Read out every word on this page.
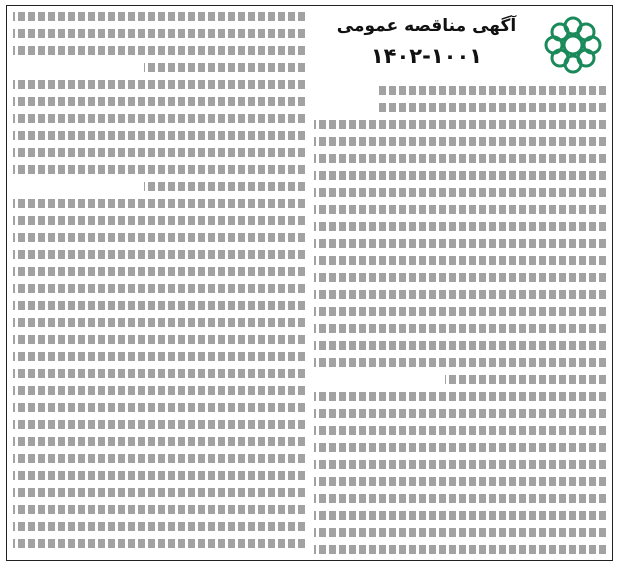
آگهی مناقصه عمومی
۱۴۰۲-۱۰۰۱
